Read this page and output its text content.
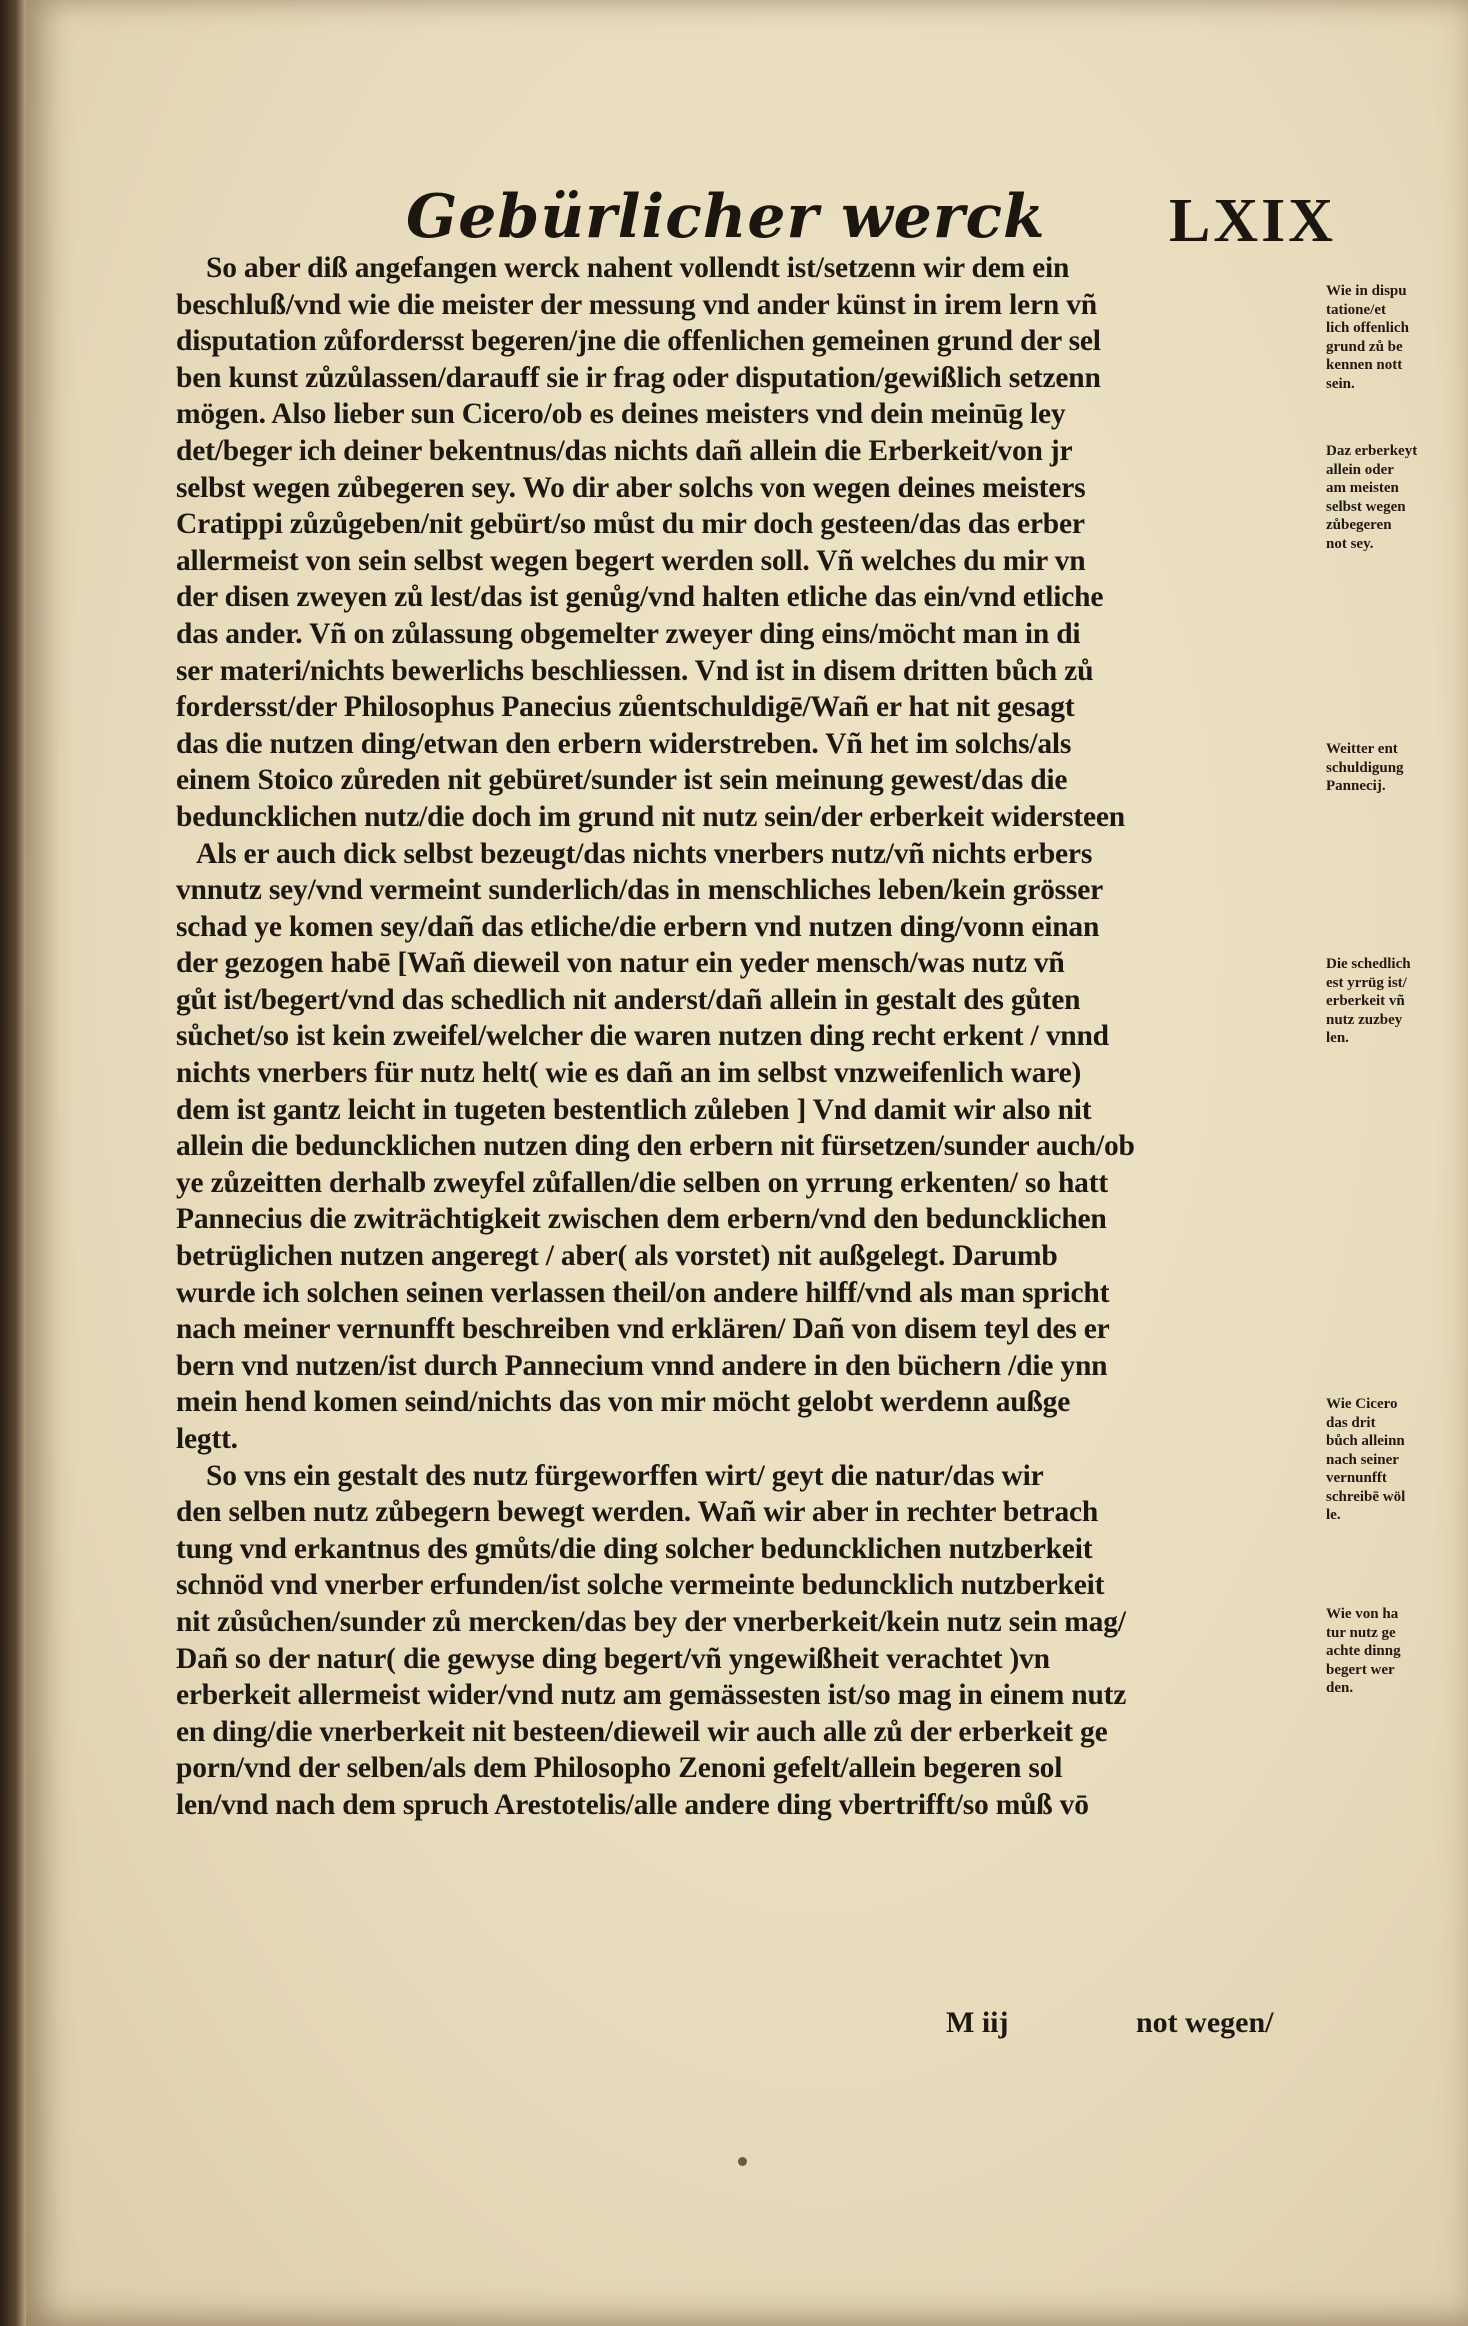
Gebürlicher werck LXIX
So aber diß angefangen werck nahent vollendt ist/setzenn wir dem ein
beschluß/vnd wie die meister der messung vnd ander künst in irem lern vñ
disputation zůfordersst begeren/jne die offenlichen gemeinen grund der sel
ben kunst zůzůlassen/darauff sie ir frag oder disputation/gewißlich setzenn
mögen. Also lieber sun Cicero/ob es deines meisters vnd dein meinūg ley
det/beger ich deiner bekentnus/das nichts dañ allein die Erberkeit/von jr
selbst wegen zůbegeren sey. Wo dir aber solchs von wegen deines meisters
Cratippi zůzůgeben/nit gebürt/so můst du mir doch gesteen/das das erber
allermeist von sein selbst wegen begert werden soll. Vñ welches du mir vn
der disen zweyen zů lest/das ist genůg/vnd halten etliche das ein/vnd etliche
das ander. Vñ on zůlassung obgemelter zweyer ding eins/möcht man in di
ser materi/nichts bewerlichs beschliessen. Vnd ist in disem dritten bůch zů
fordersst/der Philosophus Panecius zůentschuldigē/Wañ er hat nit gesagt
das die nutzen ding/etwan den erbern widerstreben. Vñ het im solchs/als
einem Stoico zůreden nit gebüret/sunder ist sein meinung gewest/das die
beduncklichen nutz/die doch im grund nit nutz sein/der erberkeit widersteen
Als er auch dick selbst bezeugt/das nichts vnerbers nutz/vñ nichts erbers
vnnutz sey/vnd vermeint sunderlich/das in menschliches leben/kein grösser
schad ye komen sey/dañ das etliche/die erbern vnd nutzen ding/vonn einan
der gezogen habē [Wañ dieweil von natur ein yeder mensch/was nutz vñ
gůt ist/begert/vnd das schedlich nit anderst/dañ allein in gestalt des gůten
sůchet/so ist kein zweifel/welcher die waren nutzen ding recht erkent / vnnd
nichts vnerbers für nutz helt( wie es dañ an im selbst vnzweifenlich ware)
dem ist gantz leicht in tugeten bestentlich zůleben ] Vnd damit wir also nit
allein die beduncklichen nutzen ding den erbern nit fürsetzen/sunder auch/ob
ye zůzeitten derhalb zweyfel zůfallen/die selben on yrrung erkenten/ so hatt
Pannecius die zwiträchtigkeit zwischen dem erbern/vnd den beduncklichen
betrüglichen nutzen angeregt / aber( als vorstet) nit außgelegt. Darumb
wurde ich solchen seinen verlassen theil/on andere hilff/vnd als man spricht
nach meiner vernunfft beschreiben vnd erklären/ Dañ von disem teyl des er
bern vnd nutzen/ist durch Pannecium vnnd andere in den büchern /die ynn
mein hend komen seind/nichts das von mir möcht gelobt werdenn außge
legtt.
So vns ein gestalt des nutz fürgeworffen wirt/ geyt die natur/das wir
den selben nutz zůbegern bewegt werden. Wañ wir aber in rechter betrach
tung vnd erkantnus des gmůts/die ding solcher beduncklichen nutzberkeit
schnöd vnd vnerber erfunden/ist solche vermeinte beduncklich nutzberkeit
nit zůsůchen/sunder zů mercken/das bey der vnerberkeit/kein nutz sein mag/
Dañ so der natur( die gewyse ding begert/vñ yngewißheit verachtet )vn
erberkeit allermeist wider/vnd nutz am gemässesten ist/so mag in einem nutz
en ding/die vnerberkeit nit besteen/dieweil wir auch alle zů der erberkeit ge
porn/vnd der selben/als dem Philosopho Zenoni gefelt/allein begeren sol
len/vnd nach dem spruch Arestotelis/alle andere ding vbertrifft/so můß vō
Wie in dispu
tatione/et
lich offenlich
grund zů be
kennen nott
sein.
Daz erberkeyt
allein oder
am meisten
selbst wegen
zůbegeren
not sey.
Weitter ent
schuldigung
Pannecij.
Die schedlich
est yrrüg ist/
erberkeit vñ
nutz zuzbey
len.
Wie Cicero
das drit
bůch alleinn
nach seiner
vernunfft
schreibē wöl
le.
Wie von ha
tur nutz ge
achte dinng
begert wer
den.
M iij	not wegen/
